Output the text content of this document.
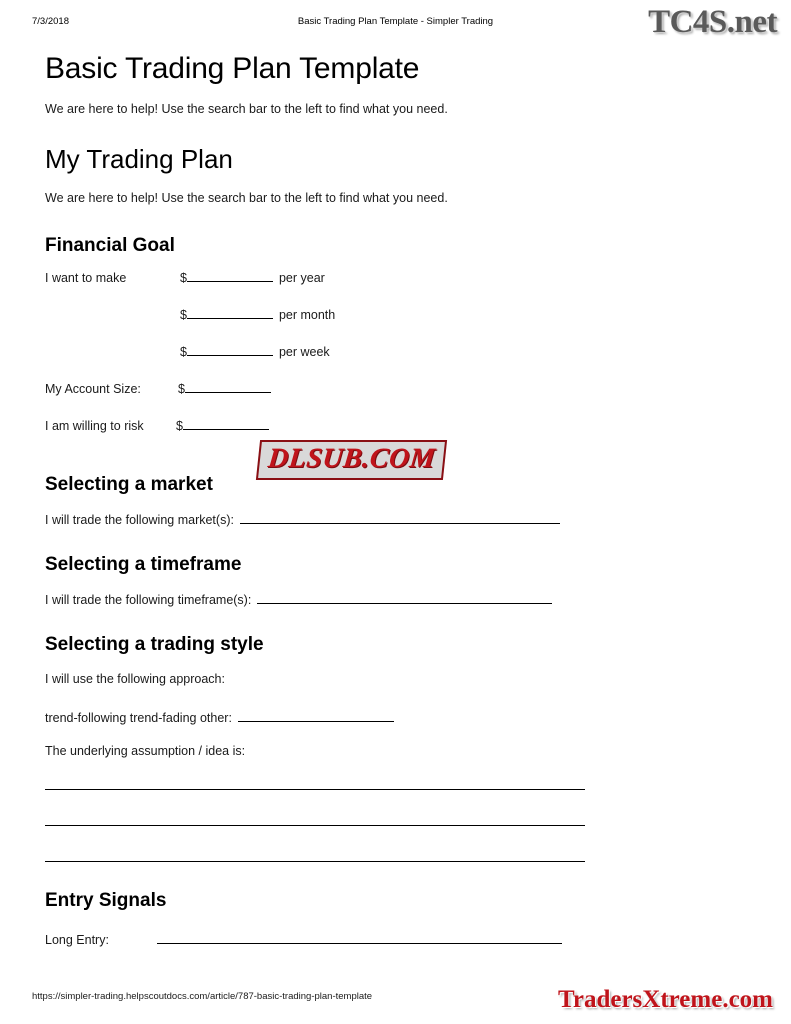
7/3/2018	Basic Trading Plan Template - Simpler Trading	TC4S.net
Basic Trading Plan Template

We are here to help! Use the search bar to the left to find what you need.

My Trading Plan

We are here to help! Use the search bar to the left to find what you need.

Financial Goal
I want to make	$	per year
$	per month
$	per week
My Account Size:	$
I am willing to risk	$
Selecting a market
I will trade the following market(s):
Selecting a timeframe
I will trade the following timeframe(s):
Selecting a trading style
I will use the following approach:
trend-following trend-fading other:
The underlying assumption / idea is:
Entry Signals
Long Entry:
DLSUB.COM
https://simpler-trading.helpscoutdocs.com/article/787-basic-trading-plan-template	TradersXtreme.com
